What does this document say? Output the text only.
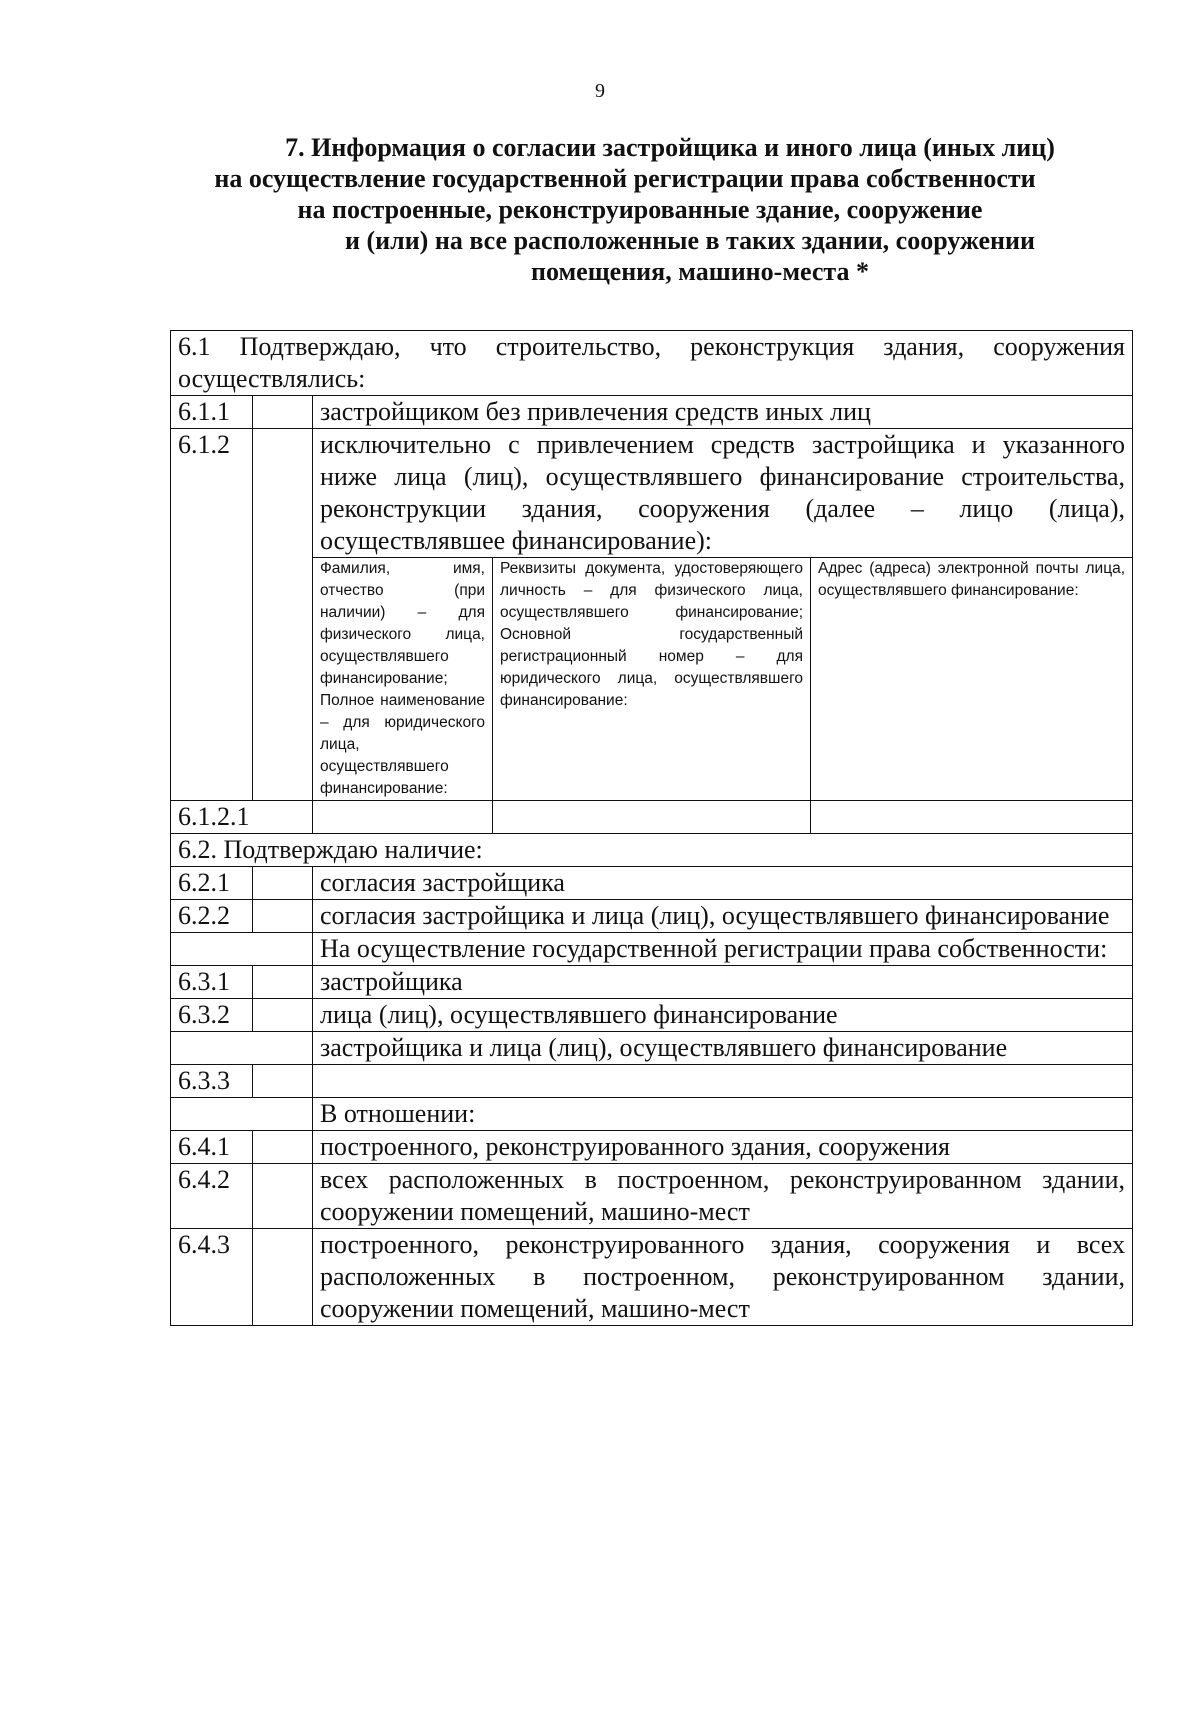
9
7. Информация о согласии застройщика и иного лица (иных лиц)
на осуществление государственной регистрации права собственности
на построенные, реконструированные здание, сооружение
и (или) на все расположенные в таких здании, сооружении
помещения, машино-места *
6.1 Подтверждаю, что строительство, реконструкция здания, сооружения осуществлялись:				
6.1.1		застройщиком без привлечения средств иных лиц		
6.1.2		исключительно с привлечением средств застройщика и указанного ниже лица (лиц), осуществлявшего финансирование строительства, реконструкции здания, сооружения (далее – лицо (лица), осуществлявшее финансирование):		
		Фамилия, имя, отчество (при наличии) – для физического лица, осуществлявшего финансирование; Полное наименование – для юридического лица, осуществлявшего финансирование:	Реквизиты документа, удостоверяющего личность – для физического лица, осуществлявшего финансирование; Основной государственный регистрационный номер – для юридического лица, осуществлявшего финансирование:	Адрес (адреса) электронной почты лица, осуществлявшего финансирование:
6.1.2.1				
6.2. Подтверждаю наличие:				
6.2.1		согласия застройщика		
6.2.2		согласия застройщика и лица (лиц), осуществлявшего финансирование		
		На осуществление государственной регистрации права собственности:		
6.3.1		застройщика		
6.3.2		лица (лиц), осуществлявшего финансирование		
		застройщика и лица (лиц), осуществлявшего финансирование		
6.3.3				
		В отношении:		
6.4.1		построенного, реконструированного здания, сооружения		
6.4.2		всех расположенных в построенном, реконструированном здании, сооружении помещений, машино-мест		
6.4.3		построенного, реконструированного здания, сооружения и всех расположенных в построенном, реконструированном здании, сооружении помещений, машино-мест		
